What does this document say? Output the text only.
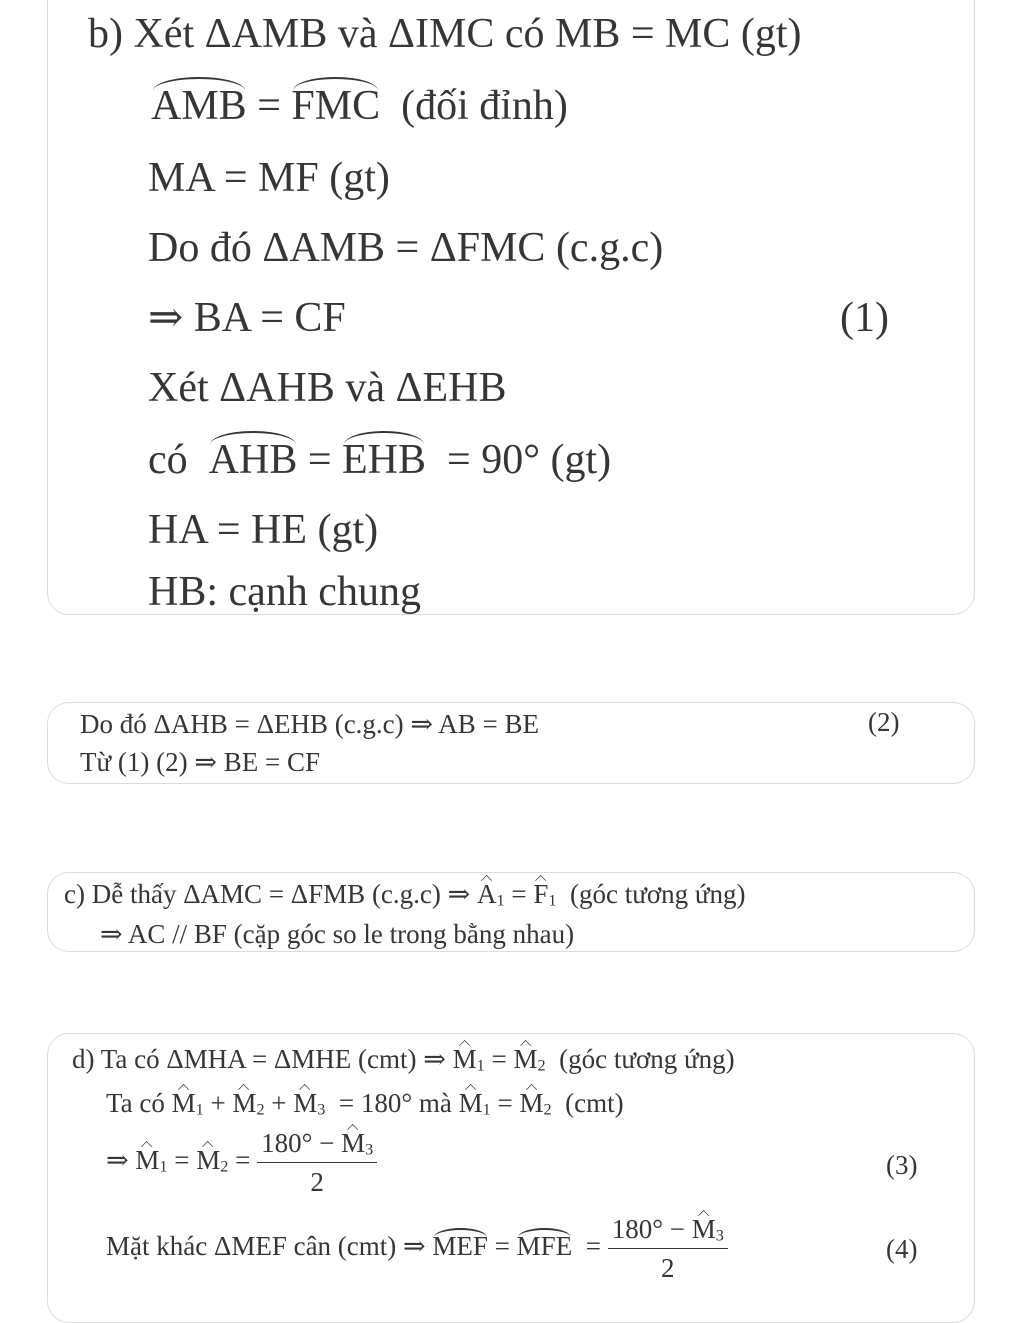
b) Xét ΔAMB và ΔIMC có MB = MC (gt)
AMB = FMC  (đối đỉnh)
MA = MF (gt)
Do đó ΔAMB = ΔFMC (c.g.c)
⇒ BA = CF	(1)
Xét ΔAHB và ΔEHB
có  AHB = EHB  = 90° (gt)
HA = HE (gt)
HB: cạnh chung
Do đó ΔAHB = ΔEHB (c.g.c) ⇒ AB = BE	(2)
Từ (1) (2) ⇒ BE = CF
c) Dễ thấy ΔAMC = ΔFMB (c.g.c) ⇒ A1 = F1  (góc tương ứng)
⇒ AC // BF (cặp góc so le trong bằng nhau)
d) Ta có ΔMHA = ΔMHE (cmt) ⇒ M1 = M2  (góc tương ứng)
Ta có M1 + M2 + M3  = 180° mà M1 = M2  (cmt)
⇒ $M1 = M2 = \frac{180^\circ - M3}{2}$	(3)
Mặt khác ΔMEF cân (cmt) ⇒ MEF = MFE  = $\frac{180^\circ - M3}{2}$	(4)
